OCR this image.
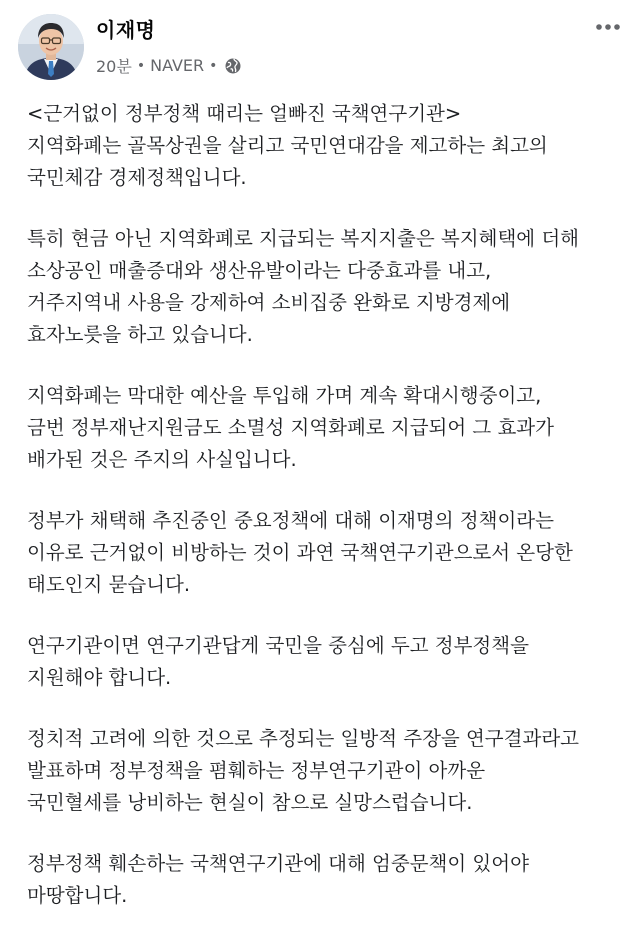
이재명
20분 • NAVER •
<근거없이 정부정책 때리는 얼빠진 국책연구기관>
지역화폐는 골목상권을 살리고 국민연대감을 제고하는 최고의
국민체감 경제정책입니다.
특히 현금 아닌 지역화폐로 지급되는 복지지출은 복지혜택에 더해
소상공인 매출증대와 생산유발이라는 다중효과를 내고,
거주지역내 사용을 강제하여 소비집중 완화로 지방경제에
효자노릇을 하고 있습니다.
지역화폐는 막대한 예산을 투입해 가며 계속 확대시행중이고,
금번 정부재난지원금도 소멸성 지역화폐로 지급되어 그 효과가
배가된 것은 주지의 사실입니다.
정부가 채택해 추진중인 중요정책에 대해 이재명의 정책이라는
이유로 근거없이 비방하는 것이 과연 국책연구기관으로서 온당한
태도인지 묻습니다.
연구기관이면 연구기관답게 국민을 중심에 두고 정부정책을
지원해야 합니다.
정치적 고려에 의한 것으로 추정되는 일방적 주장을 연구결과라고
발표하며 정부정책을 폄훼하는 정부연구기관이 아까운
국민혈세를 낭비하는 현실이 참으로 실망스럽습니다.
정부정책 훼손하는 국책연구기관에 대해 엄중문책이 있어야
마땅합니다.
